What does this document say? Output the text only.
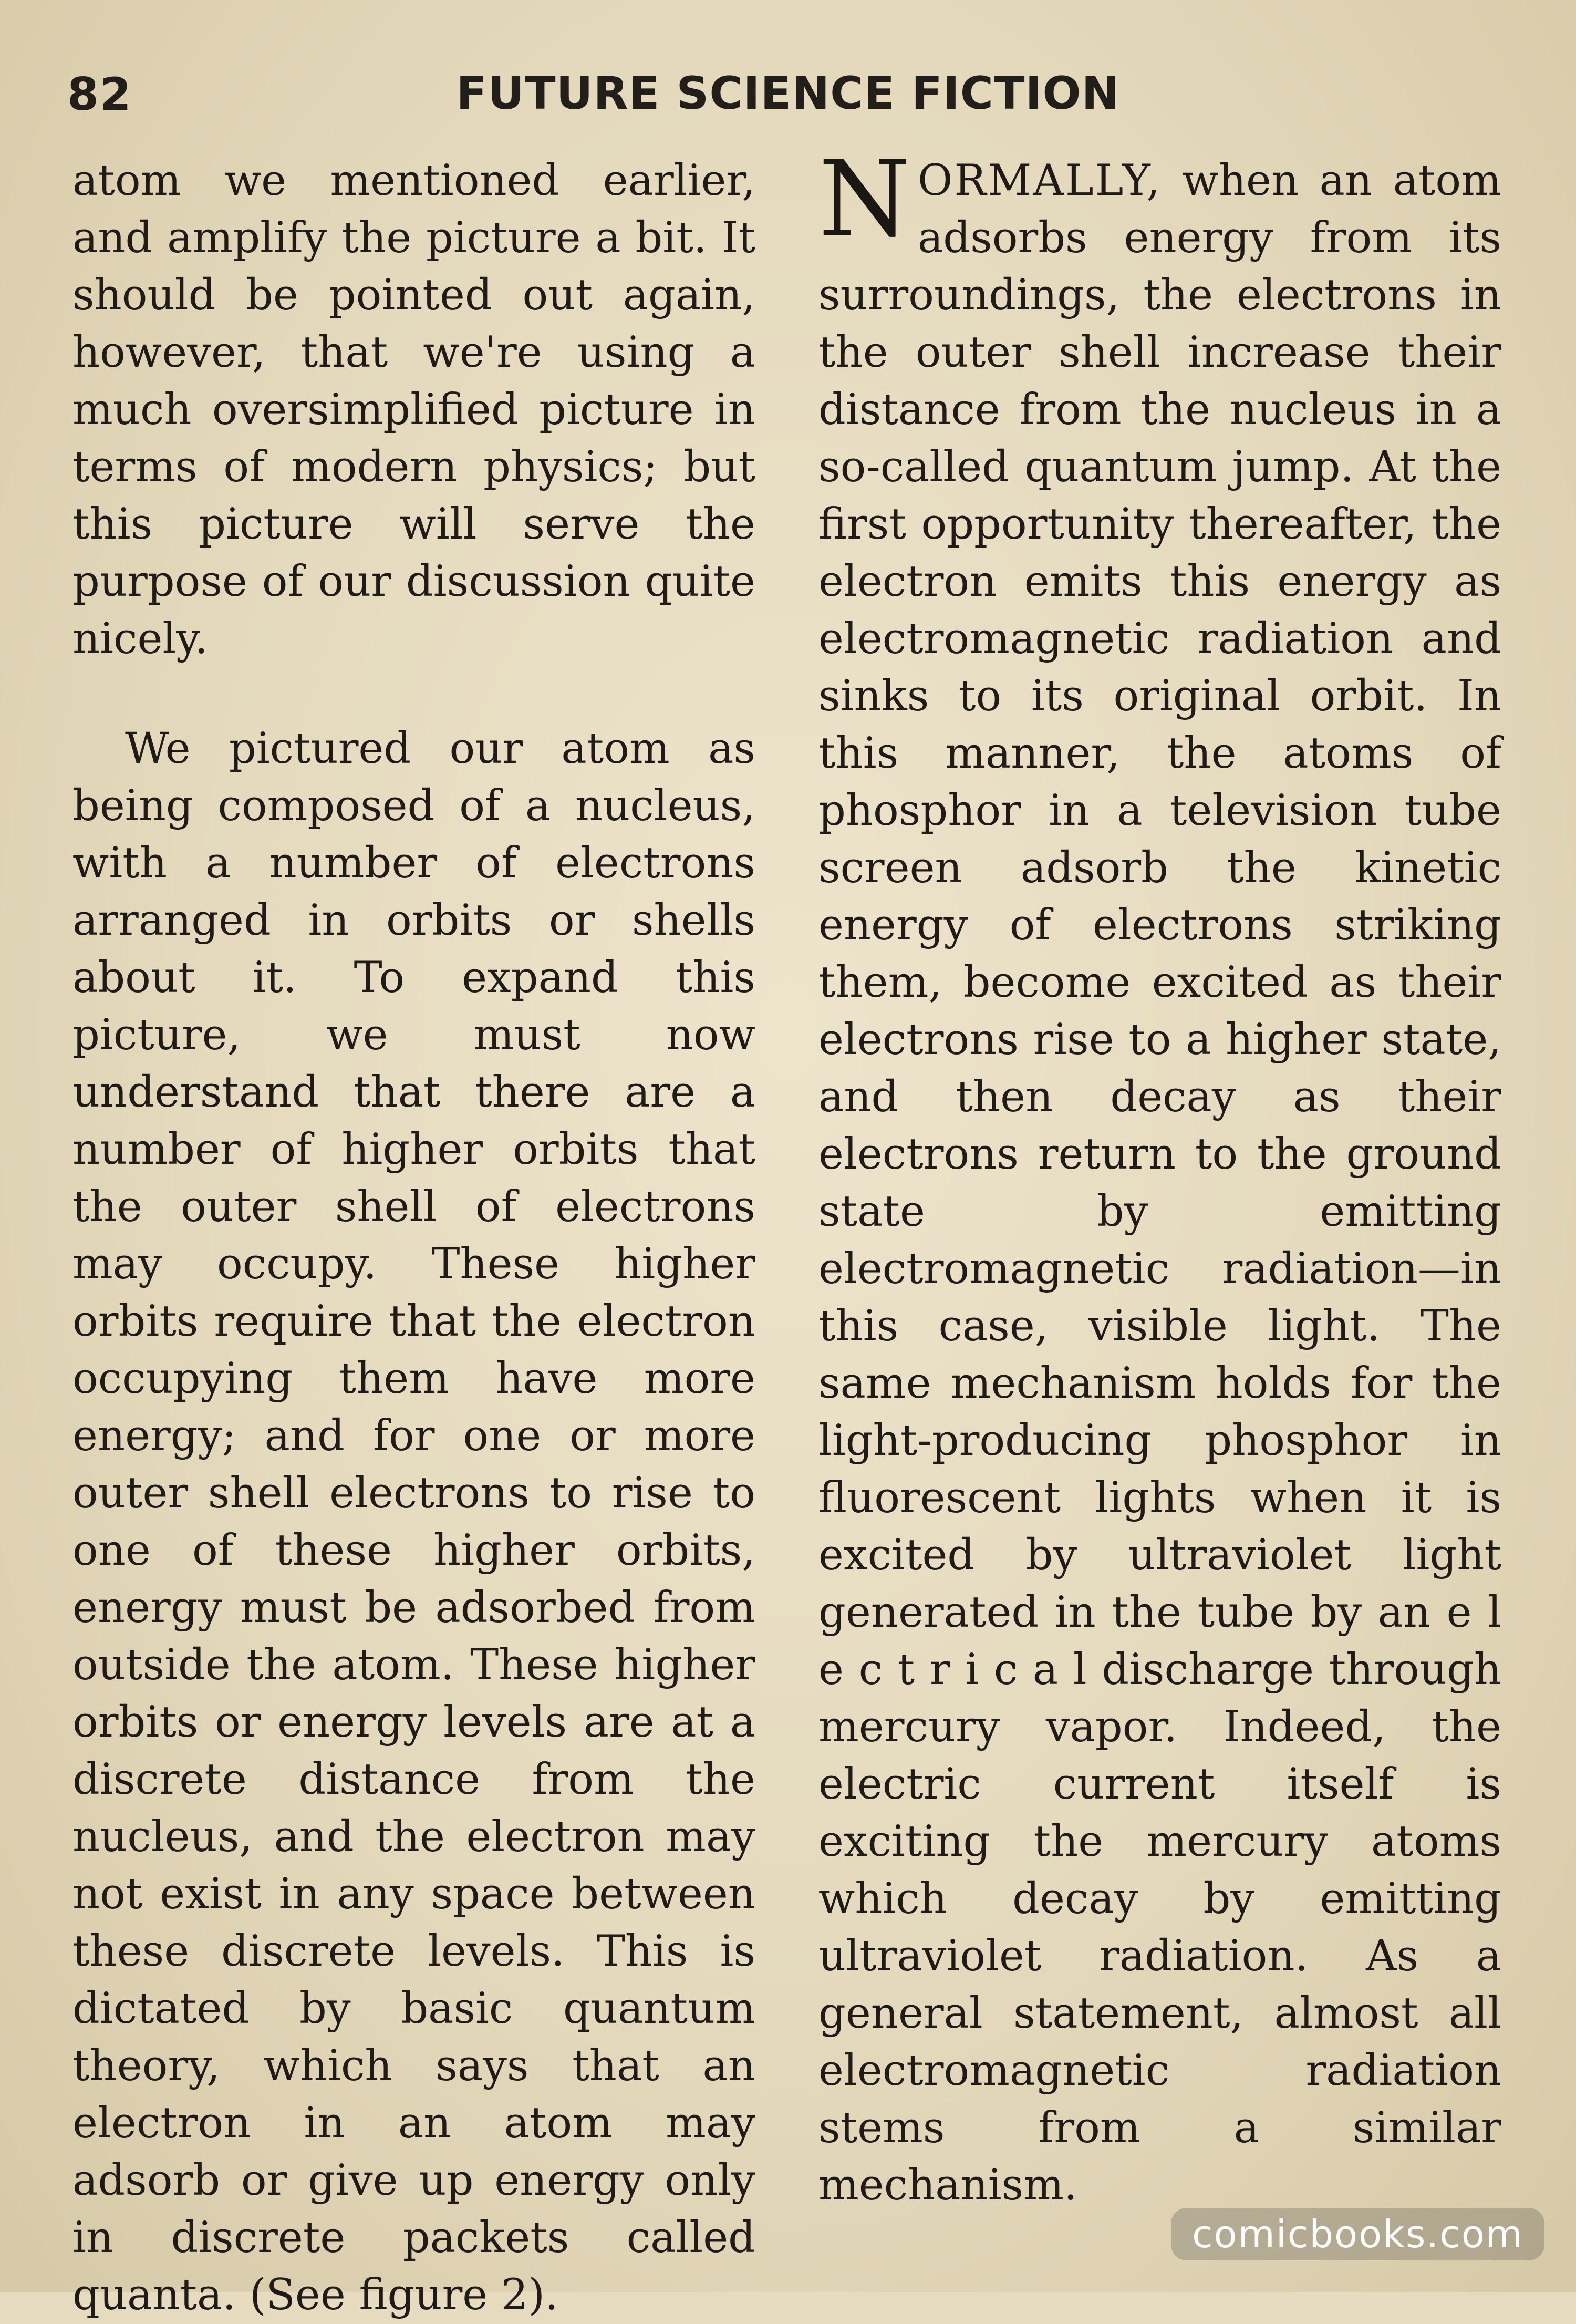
82	FUTURE SCIENCE FICTION

atom we mentioned earlier, and amplify the picture a bit. It should be pointed out again, however, that we're using a much oversimplified picture in terms of modern physics; but this picture will serve the purpose of our discussion quite nicely.

We pictured our atom as being composed of a nucleus, with a number of electrons arranged in orbits or shells about it. To expand this picture, we must now understand that there are a number of higher orbits that the outer shell of electrons may occupy. These higher orbits require that the electron occupying them have more energy; and for one or more outer shell electrons to rise to one of these higher orbits, energy must be adsorbed from outside the atom. These higher orbits or energy levels are at a discrete distance from the nucleus, and the electron may not exist in any space between these discrete levels. This is dictated by basic quantum theory, which says that an electron in an atom may adsorb or give up energy only in discrete packets called quanta. (See figure 2).

NORMALLY, when an atom adsorbs energy from its surroundings, the electrons in the outer shell increase their distance from the nucleus in a so-called quantum jump. At the first opportunity thereafter, the electron emits this energy as electromagnetic radiation and sinks to its original orbit. In this manner, the atoms of phosphor in a television tube screen adsorb the kinetic energy of electrons striking them, become excited as their electrons rise to a higher state, and then decay as their electrons return to the ground state by emitting electromagnetic radiation—in this case, visible light. The same mechanism holds for the light-producing phosphor in fluorescent lights when it is excited by ultraviolet light generated in the tube by an e l e c t r i c a l discharge through mercury vapor. Indeed, the electric current itself is exciting the mercury atoms which decay by emitting ultraviolet radiation. As a general statement, almost all electromagnetic radiation stems from a similar mechanism.

comicbooks.com
